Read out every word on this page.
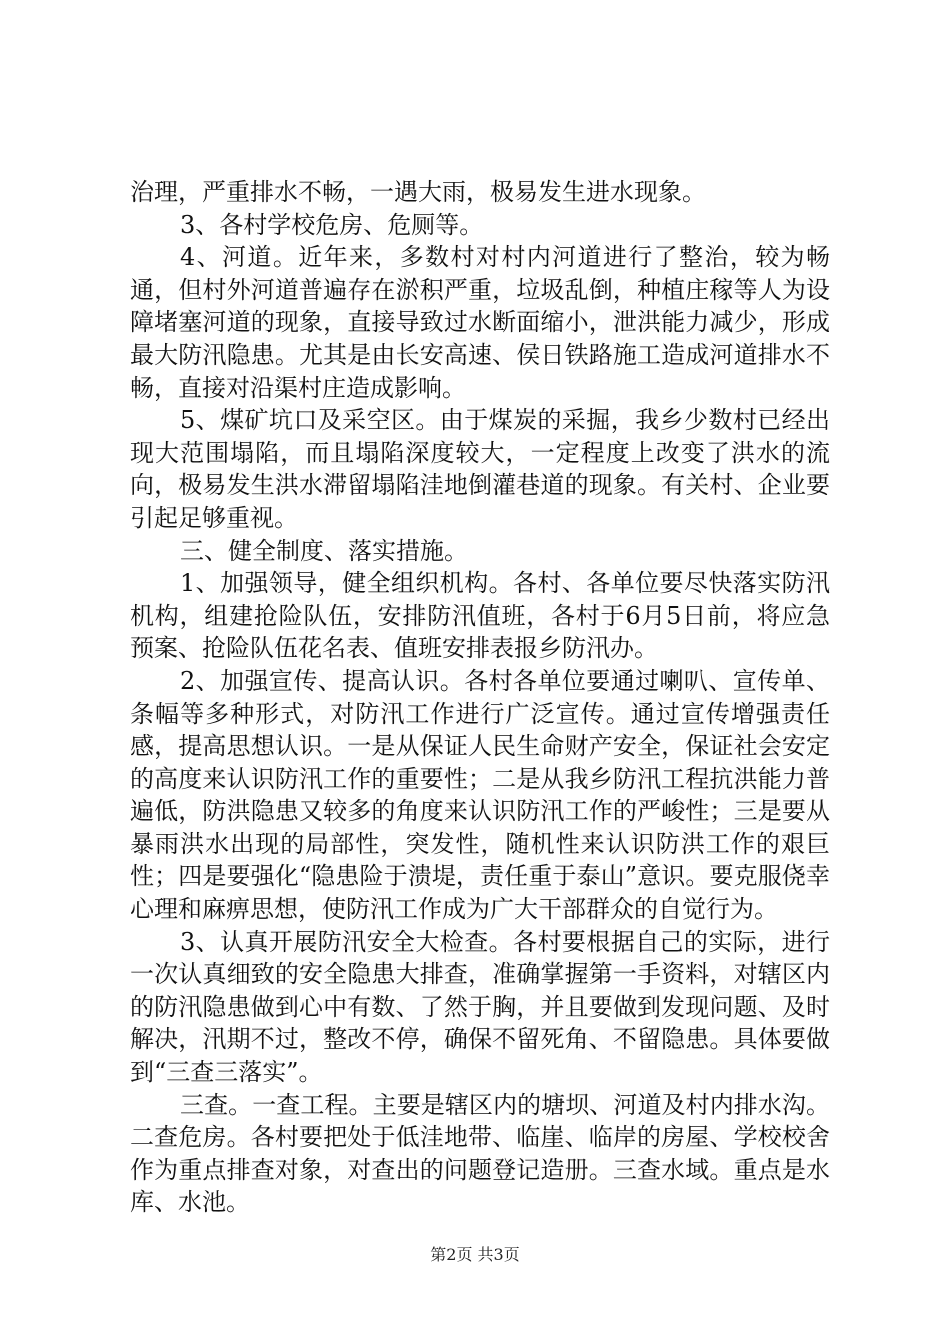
治理，严重排水不畅，一遇大雨，极易发生进水现象。

3、各村学校危房、危厕等。

4、河道。近年来，多数村对村内河道进行了整治，较为畅通，但村外河道普遍存在淤积严重，垃圾乱倒，种植庄稼等人为设障堵塞河道的现象，直接导致过水断面缩小，泄洪能力减少，形成最大防汛隐患。尤其是由长安高速、侯日铁路施工造成河道排水不畅，直接对沿渠村庄造成影响。

5、煤矿坑口及采空区。由于煤炭的采掘，我乡少数村已经出现大范围塌陷，而且塌陷深度较大，一定程度上改变了洪水的流向，极易发生洪水滞留塌陷洼地倒灌巷道的现象。有关村、企业要引起足够重视。

三、健全制度、落实措施。

1、加强领导，健全组织机构。各村、各单位要尽快落实防汛机构，组建抢险队伍，安排防汛值班，各村于6月5日前，将应急预案、抢险队伍花名表、值班安排表报乡防汛办。

2、加强宣传、提高认识。各村各单位要通过喇叭、宣传单、条幅等多种形式，对防汛工作进行广泛宣传。通过宣传增强责任感，提高思想认识。一是从保证人民生命财产安全，保证社会安定的高度来认识防汛工作的重要性；二是从我乡防汛工程抗洪能力普遍低，防洪隐患又较多的角度来认识防汛工作的严峻性；三是要从暴雨洪水出现的局部性，突发性，随机性来认识防洪工作的艰巨性；四是要强化“隐患险于溃堤，责任重于泰山”意识。要克服侥幸心理和麻痹思想，使防汛工作成为广大干部群众的自觉行为。

3、认真开展防汛安全大检查。各村要根据自己的实际，进行一次认真细致的安全隐患大排查，准确掌握第一手资料，对辖区内的防汛隐患做到心中有数、了然于胸，并且要做到发现问题、及时解决，汛期不过，整改不停，确保不留死角、不留隐患。具体要做到“三查三落实”。

三查。一查工程。主要是辖区内的塘坝、河道及村内排水沟。二查危房。各村要把处于低洼地带、临崖、临岸的房屋、学校校舍作为重点排查对象，对查出的问题登记造册。三查水域。重点是水库、水池。

第2页 共3页
